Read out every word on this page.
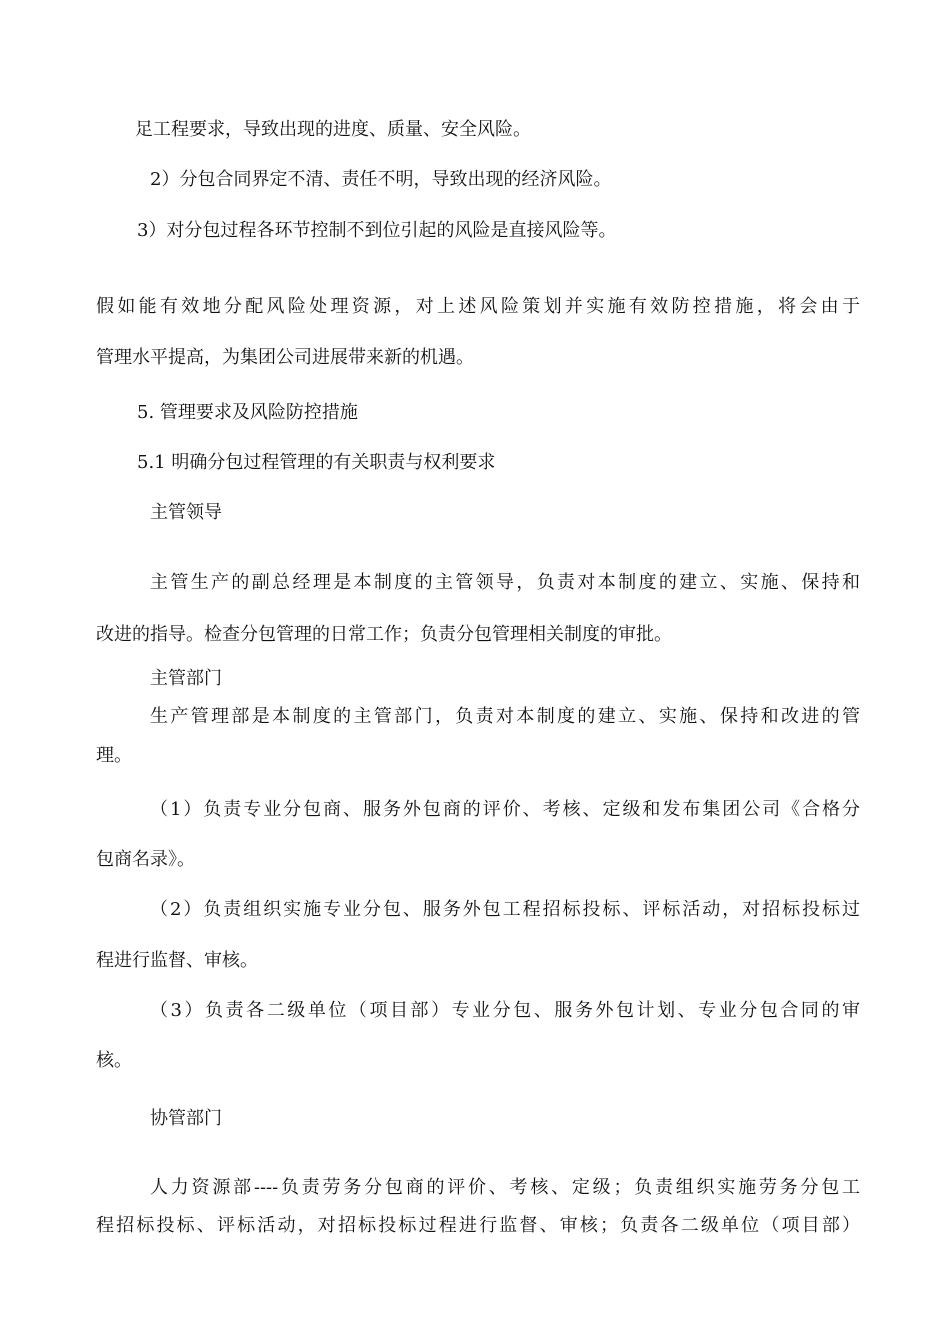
足工程要求，导致出现的进度、质量、安全风险。

2）分包合同界定不清、责任不明，导致出现的经济风险。

3）对分包过程各环节控制不到位引起的风险是直接风险等。

假如能有效地分配风险处理资源，对上述风险策划并实施有效防控措施，将会由于

管理水平提高，为集团公司进展带来新的机遇。

5. 管理要求及风险防控措施

5.1 明确分包过程管理的有关职责与权利要求

主管领导

主管生产的副总经理是本制度的主管领导，负责对本制度的建立、实施、保持和

改进的指导。检查分包管理的日常工作；负责分包管理相关制度的审批。

主管部门

生产管理部是本制度的主管部门，负责对本制度的建立、实施、保持和改进的管

理。

（1）负责专业分包商、服务外包商的评价、考核、定级和发布集团公司《合格分

包商名录》。

（2）负责组织实施专业分包、服务外包工程招标投标、评标活动，对招标投标过

程进行监督、审核。

（3）负责各二级单位（项目部）专业分包、服务外包计划、专业分包合同的审

核。

协管部门

人力资源部----负责劳务分包商的评价、考核、定级；负责组织实施劳务分包工

程招标投标、评标活动，对招标投标过程进行监督、审核；负责各二级单位（项目部）
